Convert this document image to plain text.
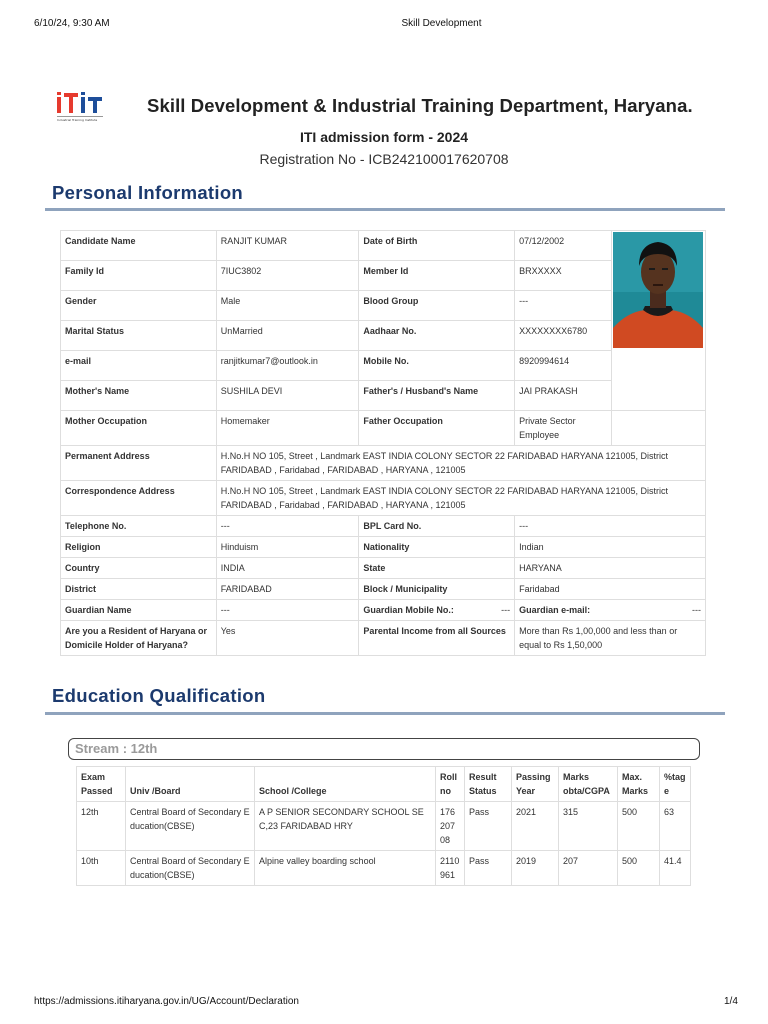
6/10/24, 9:30 AM	Skill Development
Industrial Training Institute
Skill Development & Industrial Training Department, Haryana.
ITI admission form - 2024
Registration No - ICB242100017620708
Personal Information
Candidate Name	RANJIT KUMAR	Date of Birth	07/12/2002	

Family Id	7IUC3802	Member Id	BRXXXXX	
Gender	Male	Blood Group	---	
Marital Status	UnMarried	Aadhaar No.	XXXXXXXX6780	
e-mail	ranjitkumar7@outlook.in	Mobile No.	8920994614	
Mother's Name	SUSHILA DEVI	Father's / Husband's Name	JAI PRAKASH	
Mother Occupation	Homemaker	Father Occupation	Private Sector Employee	
Permanent Address	H.No.H NO 105, Street , Landmark EAST INDIA COLONY SECTOR 22 FARIDABAD HARYANA 121005, District FARIDABAD , Faridabad , FARIDABAD , HARYANA , 121005			
Correspondence Address	H.No.H NO 105, Street , Landmark EAST INDIA COLONY SECTOR 22 FARIDABAD HARYANA 121005, District FARIDABAD , Faridabad , FARIDABAD , HARYANA , 121005			
Telephone No.	---	BPL Card No.	---	
Religion	Hinduism	Nationality	Indian	
Country	INDIA	State	HARYANA	
District	FARIDABAD	Block / Municipality	Faridabad	
Guardian Name	---	Guardian Mobile No.: ---	Guardian e-mail: ---	

Are you a Resident of Haryana or Domicile Holder of Haryana?	Yes	Parental Income from all Sources	More than Rs 1,00,000 and less than or equal to Rs 1,50,000	
Education Qualification
Stream : 12th
Exam Passed	Univ /Board	School /College	Roll no	Result Status	Passing Year	Marks obta/CGPA	Max. Marks	%tage
12th	Central Board of Secondary Education(CBSE)	A P SENIOR SECONDARY SCHOOL SEC,23 FARIDABAD HRY	17620708	Pass	2021	315	500	63
10th	Central Board of Secondary Education(CBSE)	Alpine valley boarding school	2110961	Pass	2019	207	500	41.4
https://admissions.itiharyana.gov.in/UG/Account/Declaration	1/4
